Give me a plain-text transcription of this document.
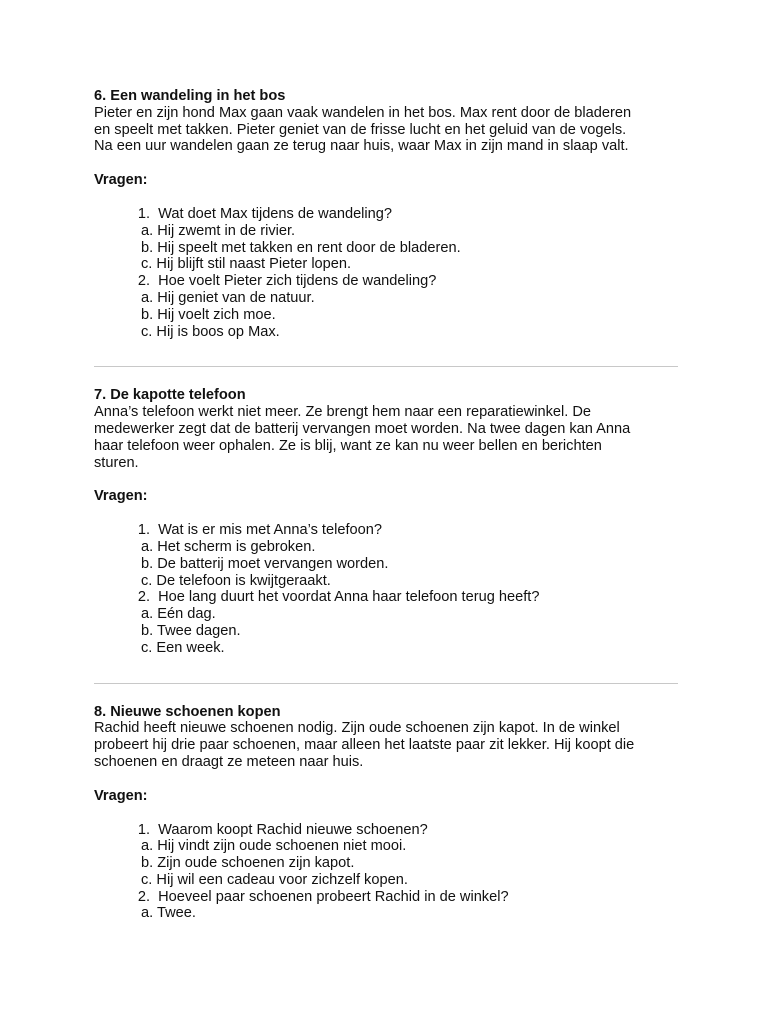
6. Een wandeling in het bos

Pieter en zijn hond Max gaan vaak wandelen in het bos. Max rent door de bladeren
en speelt met takken. Pieter geniet van de frisse lucht en het geluid van de vogels.
Na een uur wandelen gaan ze terug naar huis, waar Max in zijn mand in slaap valt.

Vragen:

1. Wat doet Max tijdens de wandeling?
a. Hij zwemt in de rivier.
b. Hij speelt met takken en rent door de bladeren.
c. Hij blijft stil naast Pieter lopen.
2. Hoe voelt Pieter zich tijdens de wandeling?
a. Hij geniet van de natuur.
b. Hij voelt zich moe.
c. Hij is boos op Max.

7. De kapotte telefoon

Anna’s telefoon werkt niet meer. Ze brengt hem naar een reparatiewinkel. De
medewerker zegt dat de batterij vervangen moet worden. Na twee dagen kan Anna
haar telefoon weer ophalen. Ze is blij, want ze kan nu weer bellen en berichten
sturen.

Vragen:

1. Wat is er mis met Anna’s telefoon?
a. Het scherm is gebroken.
b. De batterij moet vervangen worden.
c. De telefoon is kwijtgeraakt.
2. Hoe lang duurt het voordat Anna haar telefoon terug heeft?
a. Eén dag.
b. Twee dagen.
c. Een week.

8. Nieuwe schoenen kopen

Rachid heeft nieuwe schoenen nodig. Zijn oude schoenen zijn kapot. In de winkel
probeert hij drie paar schoenen, maar alleen het laatste paar zit lekker. Hij koopt die
schoenen en draagt ze meteen naar huis.

Vragen:

1. Waarom koopt Rachid nieuwe schoenen?
a. Hij vindt zijn oude schoenen niet mooi.
b. Zijn oude schoenen zijn kapot.
c. Hij wil een cadeau voor zichzelf kopen.
2. Hoeveel paar schoenen probeert Rachid in de winkel?
a. Twee.
